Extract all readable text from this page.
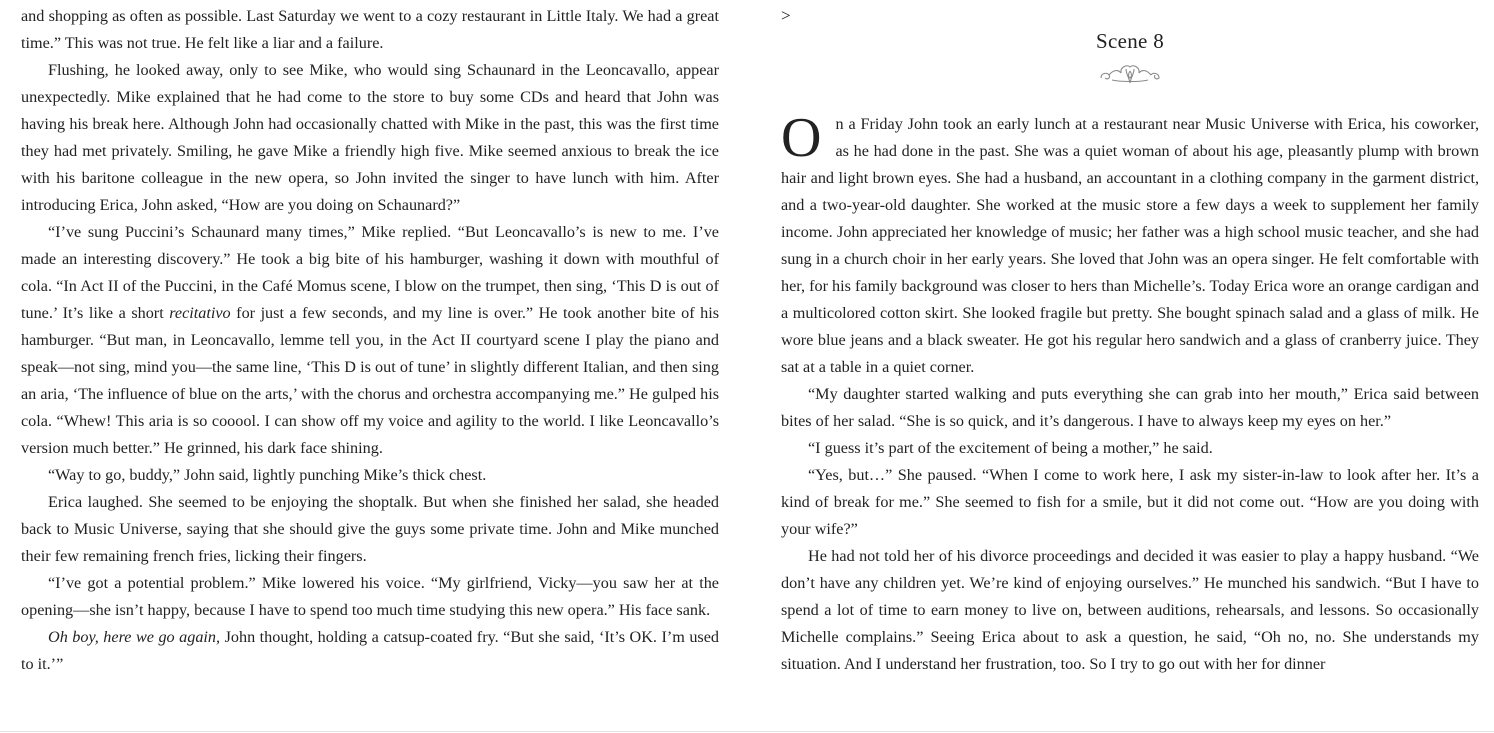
and shopping as often as possible. Last Saturday we went to a cozy restaurant in Little Italy. We had a great time.” This was not true. He felt like a liar and a failure.

Flushing, he looked away, only to see Mike, who would sing Schaunard in the Leoncavallo, appear unexpectedly. Mike explained that he had come to the store to buy some CDs and heard that John was having his break here. Although John had occasionally chatted with Mike in the past, this was the first time they had met privately. Smiling, he gave Mike a friendly high five. Mike seemed anxious to break the ice with his baritone colleague in the new opera, so John invited the singer to have lunch with him. After introducing Erica, John asked, “How are you doing on Schaunard?”

“I’ve sung Puccini’s Schaunard many times,” Mike replied. “But Leoncavallo’s is new to me. I’ve made an interesting discovery.” He took a big bite of his hamburger, washing it down with mouthful of cola. “In Act II of the Puccini, in the Café Momus scene, I blow on the trumpet, then sing, ‘This D is out of tune.’ It’s like a short recitativo for just a few seconds, and my line is over.” He took another bite of his hamburger. “But man, in Leoncavallo, lemme tell you, in the Act II courtyard scene I play the piano and speak—not sing, mind you—the same line, ‘This D is out of tune’ in slightly different Italian, and then sing an aria, ‘The influence of blue on the arts,’ with the chorus and orchestra accompanying me.” He gulped his cola. “Whew! This aria is so cooool. I can show off my voice and agility to the world. I like Leoncavallo’s version much better.” He grinned, his dark face shining.

“Way to go, buddy,” John said, lightly punching Mike’s thick chest.

Erica laughed. She seemed to be enjoying the shoptalk. But when she finished her salad, she headed back to Music Universe, saying that she should give the guys some private time. John and Mike munched their few remaining french fries, licking their fingers.

“I’ve got a potential problem.” Mike lowered his voice. “My girlfriend, Vicky—you saw her at the opening—she isn’t happy, because I have to spend too much time studying this new opera.” His face sank.

Oh boy, here we go again, John thought, holding a catsup-coated fry. “But she said, ‘It’s OK. I’m used to it.’”

>
Scene 8

On a Friday John took an early lunch at a restaurant near Music Universe with Erica, his coworker, as he had done in the past. She was a quiet woman of about his age, pleasantly plump with brown hair and light brown eyes. She had a husband, an accountant in a clothing company in the garment district, and a two-year-old daughter. She worked at the music store a few days a week to supplement her family income. John appreciated her knowledge of music; her father was a high school music teacher, and she had sung in a church choir in her early years. She loved that John was an opera singer. He felt comfortable with her, for his family background was closer to hers than Michelle’s. Today Erica wore an orange cardigan and a multicolored cotton skirt. She looked fragile but pretty. She bought spinach salad and a glass of milk. He wore blue jeans and a black sweater. He got his regular hero sandwich and a glass of cranberry juice. They sat at a table in a quiet corner.

“My daughter started walking and puts everything she can grab into her mouth,” Erica said between bites of her salad. “She is so quick, and it’s dangerous. I have to always keep my eyes on her.”

“I guess it’s part of the excitement of being a mother,” he said.

“Yes, but…” She paused. “When I come to work here, I ask my sister-in-law to look after her. It’s a kind of break for me.” She seemed to fish for a smile, but it did not come out. “How are you doing with your wife?”

He had not told her of his divorce proceedings and decided it was easier to play a happy husband. “We don’t have any children yet. We’re kind of enjoying ourselves.” He munched his sandwich. “But I have to spend a lot of time to earn money to live on, between auditions, rehearsals, and lessons. So occasionally Michelle complains.” Seeing Erica about to ask a question, he said, “Oh no, no. She understands my situation. And I understand her frustration, too. So I try to go out with her for dinner
